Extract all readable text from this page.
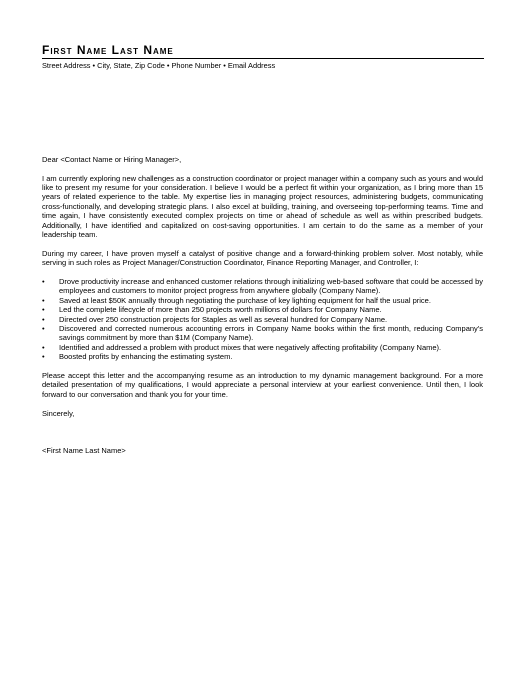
First Name Last Name
Street Address • City, State, Zip Code • Phone Number • Email Address

Dear <Contact Name or Hiring Manager>,

I am currently exploring new challenges as a construction coordinator or project manager within a company such as yours and would like to present my resume for your consideration. I believe I would be a perfect fit within your organization, as I bring more than 15 years of related experience to the table. My expertise lies in managing project resources, administering budgets, communicating cross-functionally, and developing strategic plans. I also excel at building, training, and overseeing top-performing teams. Time and time again, I have consistently executed complex projects on time or ahead of schedule as well as within prescribed budgets. Additionally, I have identified and capitalized on cost-saving opportunities. I am certain to do the same as a member of your leadership team.

During my career, I have proven myself a catalyst of positive change and a forward-thinking problem solver. Most notably, while serving in such roles as Project Manager/Construction Coordinator, Finance Reporting Manager, and Controller, I:

•	Drove productivity increase and enhanced customer relations through initializing web-based software that could be accessed by employees and customers to monitor project progress from anywhere globally (Company Name).
•	Saved at least $50K annually through negotiating the purchase of key lighting equipment for half the usual price.
•	Led the complete lifecycle of more than 250 projects worth millions of dollars for Company Name.
•	Directed over 250 construction projects for Staples as well as several hundred for Company Name.
•	Discovered and corrected numerous accounting errors in Company Name books within the first month, reducing Company's savings commitment by more than $1M (Company Name).
•	Identified and addressed a problem with product mixes that were negatively affecting profitability (Company Name).
•	Boosted profits by enhancing the estimating system.

Please accept this letter and the accompanying resume as an introduction to my dynamic management background. For a more detailed presentation of my qualifications, I would appreciate a personal interview at your earliest convenience. Until then, I look forward to our conversation and thank you for your time.

Sincerely,

<First Name Last Name>
